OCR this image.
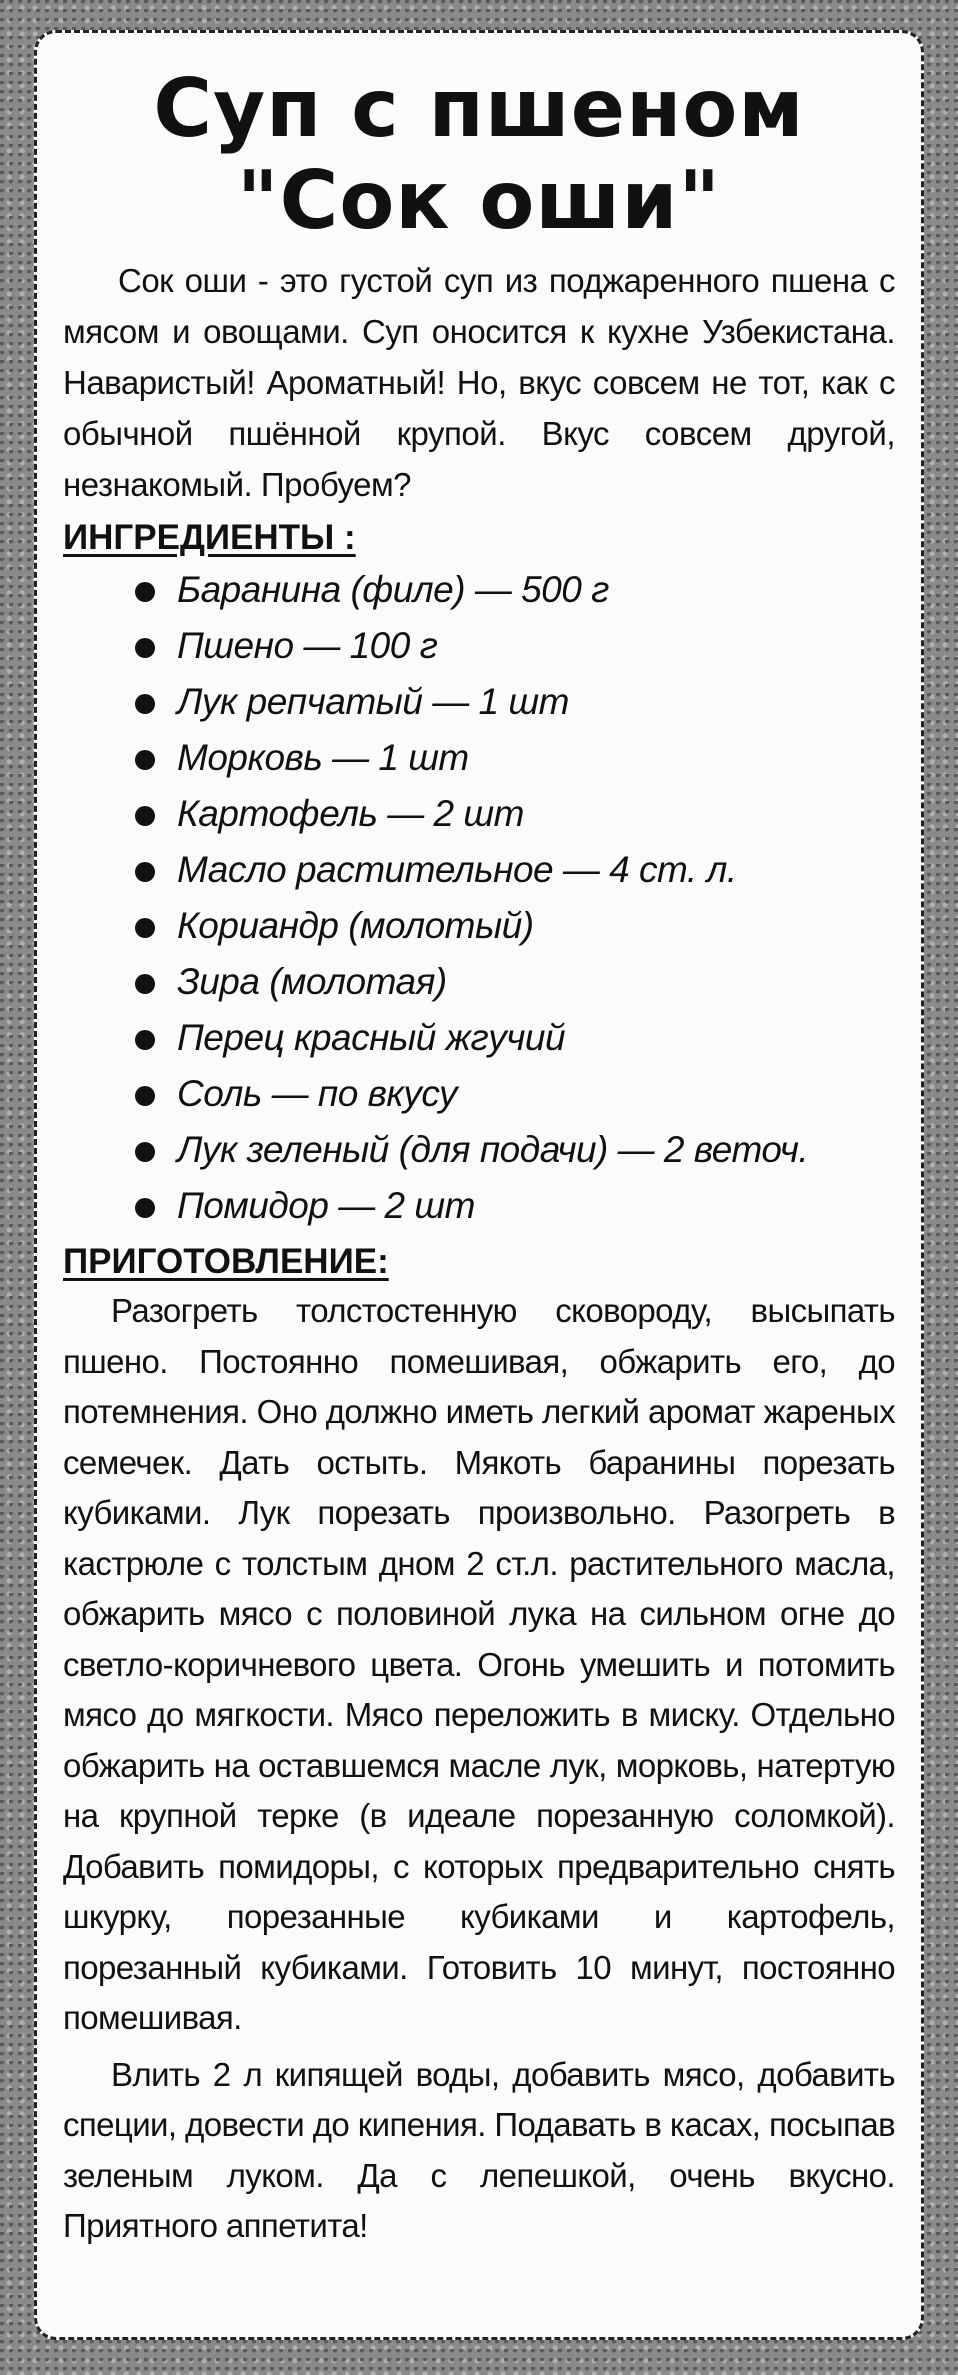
Суп с пшеном
"Сок оши"

Сок оши - это густой суп из поджаренного пшена с мясом и овощами. Суп оносится к кухне Узбекистана. Наваристый! Ароматный! Но, вкус совсем не тот, как с обычной пшённой крупой. Вкус совсем другой, незнакомый. Пробуем?

ИНГРЕДИЕНТЫ :
Баранина (филе) — 500 г
Пшено — 100 г
Лук репчатый — 1 шт
Морковь — 1 шт
Картофель — 2 шт
Масло растительное — 4 ст. л.
Кориандр (молотый)
Зира (молотая)
Перец красный жгучий
Соль — по вкусу
Лук зеленый (для подачи) — 2 веточ.
Помидор — 2 шт
ПРИГОТОВЛЕНИЕ:

Разогреть толстостенную сковороду, высыпать пшено. Постоянно помешивая, обжарить его, до потемнения. Оно должно иметь легкий аромат жареных семечек. Дать остыть. Мякоть баранины порезать кубиками. Лук порезать произвольно. Разогреть в кастрюле с толстым дном 2 ст.л. растительного масла, обжарить мясо с половиной лука на сильном огне до светло-коричневого цвета. Огонь умешить и потомить мясо до мягкости. Мясо переложить в миску. Отдельно обжарить на оставшемся масле лук, морковь, натертую на крупной терке (в идеале порезанную соломкой). Добавить помидоры, с которых предварительно снять шкурку, порезанные кубиками и картофель, порезанный кубиками. Готовить 10 минут, постоянно помешивая.

Влить 2 л кипящей воды, добавить мясо, добавить специи, довести до кипения. Подавать в касах, посыпав зеленым луком. Да с лепешкой, очень вкусно. Приятного аппетита!
